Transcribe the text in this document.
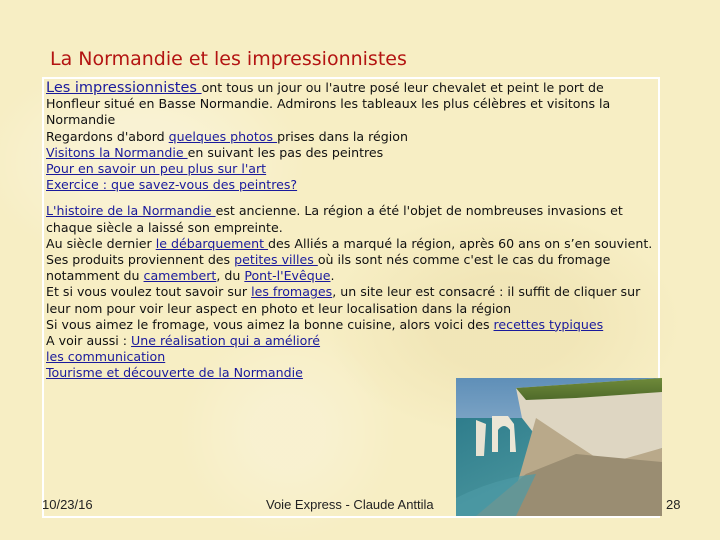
La Normandie et les impressionnistes

Les impressionnistes ont tous un jour ou l'autre posé leur chevalet et peint le port de Honfleur situé en Basse Normandie. Admirons les tableaux les plus célèbres et visitons la Normandie

Regardons d'abord quelques photos prises dans la région

Visitons la Normandie en suivant les pas des peintres

Pour en savoir un peu plus sur l'art

Exercice : que savez-vous des peintres?

L'histoire de la Normandie est ancienne. La région a été l'objet de nombreuses invasions et chaque siècle a laissé son empreinte.

Au siècle dernier le débarquement des Alliés a marqué la région, après 60 ans on s’en souvient.

Ses produits proviennent des petites villes où ils sont nés comme c'est le cas du fromage notamment du camembert, du Pont-l'Evêque.

Et si vous voulez tout savoir sur les fromages, un site leur est consacré : il suffit de cliquer sur leur nom pour voir leur aspect en photo et leur localisation dans la région

Si vous aimez le fromage, vous aimez la bonne cuisine, alors voici des recettes typiques

A voir aussi : Une réalisation qui a amélioré

les communication

Tourisme et découverte de la Normandie

10/23/16	Voie Express - Claude Anttila	28
